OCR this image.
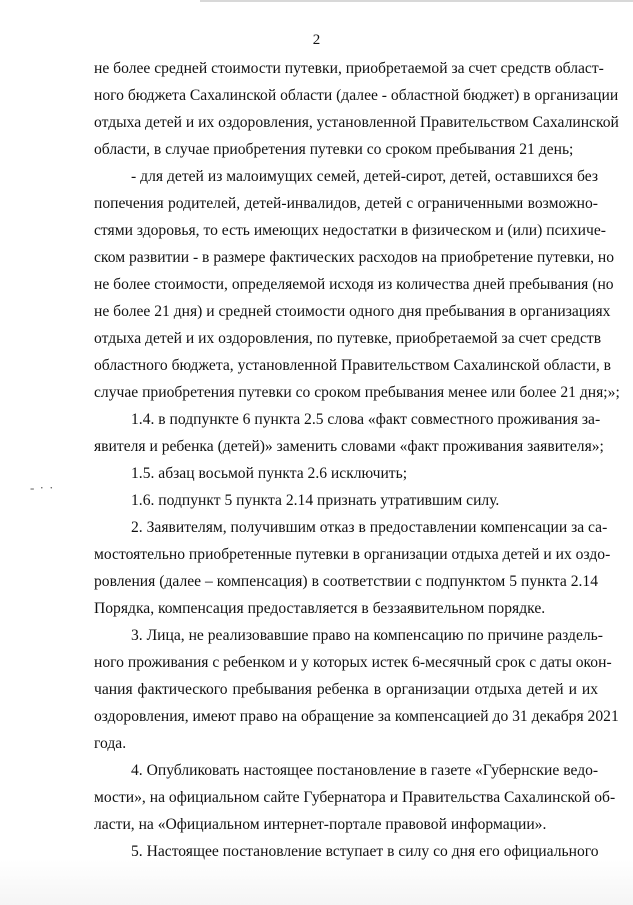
2
- · ·
не более средней стоимости путевки, приобретаемой за счет средств област-
ного бюджета Сахалинской области (далее - областной бюджет) в организации
отдыха детей и их оздоровления, установленной Правительством Сахалинской
области, в случае приобретения путевки со сроком пребывания 21 день;
- для детей из малоимущих семей, детей-сирот, детей, оставшихся без
попечения родителей, детей-инвалидов, детей с ограниченными возможно-
стями здоровья, то есть имеющих недостатки в физическом и (или) психиче-
ском развитии - в размере фактических расходов на приобретение путевки, но
не более стоимости, определяемой исходя из количества дней пребывания (но
не более 21 дня) и средней стоимости одного дня пребывания в организациях
отдыха детей и их оздоровления, по путевке, приобретаемой за счет средств
областного бюджета, установленной Правительством Сахалинской области, в
случае приобретения путевки со сроком пребывания менее или более 21 дня;»;
1.4. в подпункте 6 пункта 2.5 слова «факт совместного проживания за-
явителя и ребенка (детей)» заменить словами «факт проживания заявителя»;
1.5. абзац восьмой пункта 2.6 исключить;
1.6. подпункт 5 пункта 2.14 признать утратившим силу.
2. Заявителям, получившим отказ в предоставлении компенсации за са-
мостоятельно приобретенные путевки в организации отдыха детей и их оздо-
ровления (далее – компенсация) в соответствии с подпунктом 5 пункта 2.14
Порядка, компенсация предоставляется в беззаявительном порядке.
3. Лица, не реализовавшие право на компенсацию по причине раздель-
ного проживания с ребенком и у которых истек 6-месячный срок с даты окон-
чания фактического пребывания ребенка в организации отдыха детей и их
оздоровления, имеют право на обращение за компенсацией до 31 декабря 2021
года.
4. Опубликовать настоящее постановление в газете «Губернские ведо-
мости», на официальном сайте Губернатора и Правительства Сахалинской об-
ласти, на «Официальном интернет-портале правовой информации».
5. Настоящее постановление вступает в силу со дня его официального
